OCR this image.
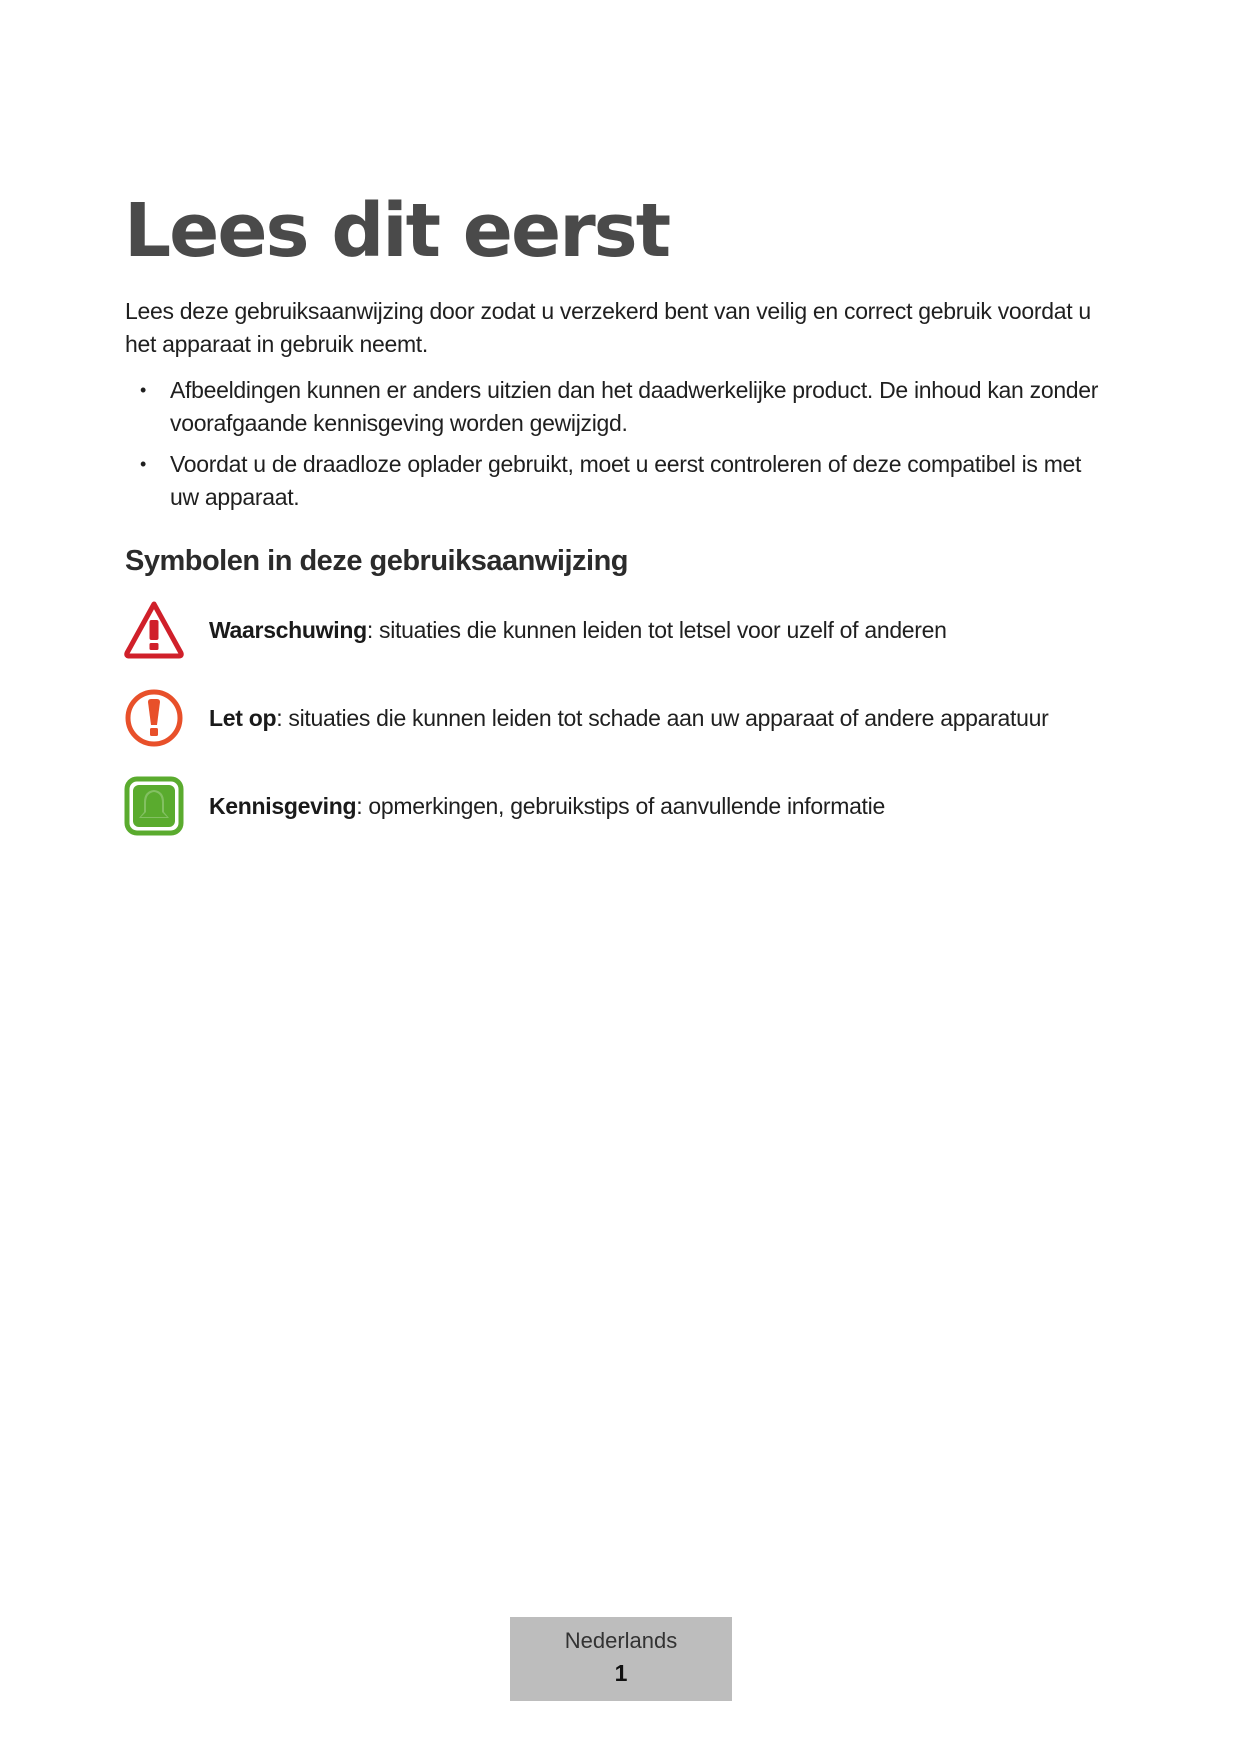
Lees dit eerst

Lees deze gebruiksaanwijzing door zodat u verzekerd bent van veilig en correct gebruik voordat u het apparaat in gebruik neemt.

• Afbeeldingen kunnen er anders uitzien dan het daadwerkelijke product. De inhoud kan zonder voorafgaande kennisgeving worden gewijzigd.
• Voordat u de draadloze oplader gebruikt, moet u eerst controleren of deze compatibel is met uw apparaat.
Symbolen in deze gebruiksaanwijzing
Waarschuwing: situaties die kunnen leiden tot letsel voor uzelf of anderen
Let op: situaties die kunnen leiden tot schade aan uw apparaat of andere apparatuur
Kennisgeving: opmerkingen, gebruikstips of aanvullende informatie
Nederlands
1
